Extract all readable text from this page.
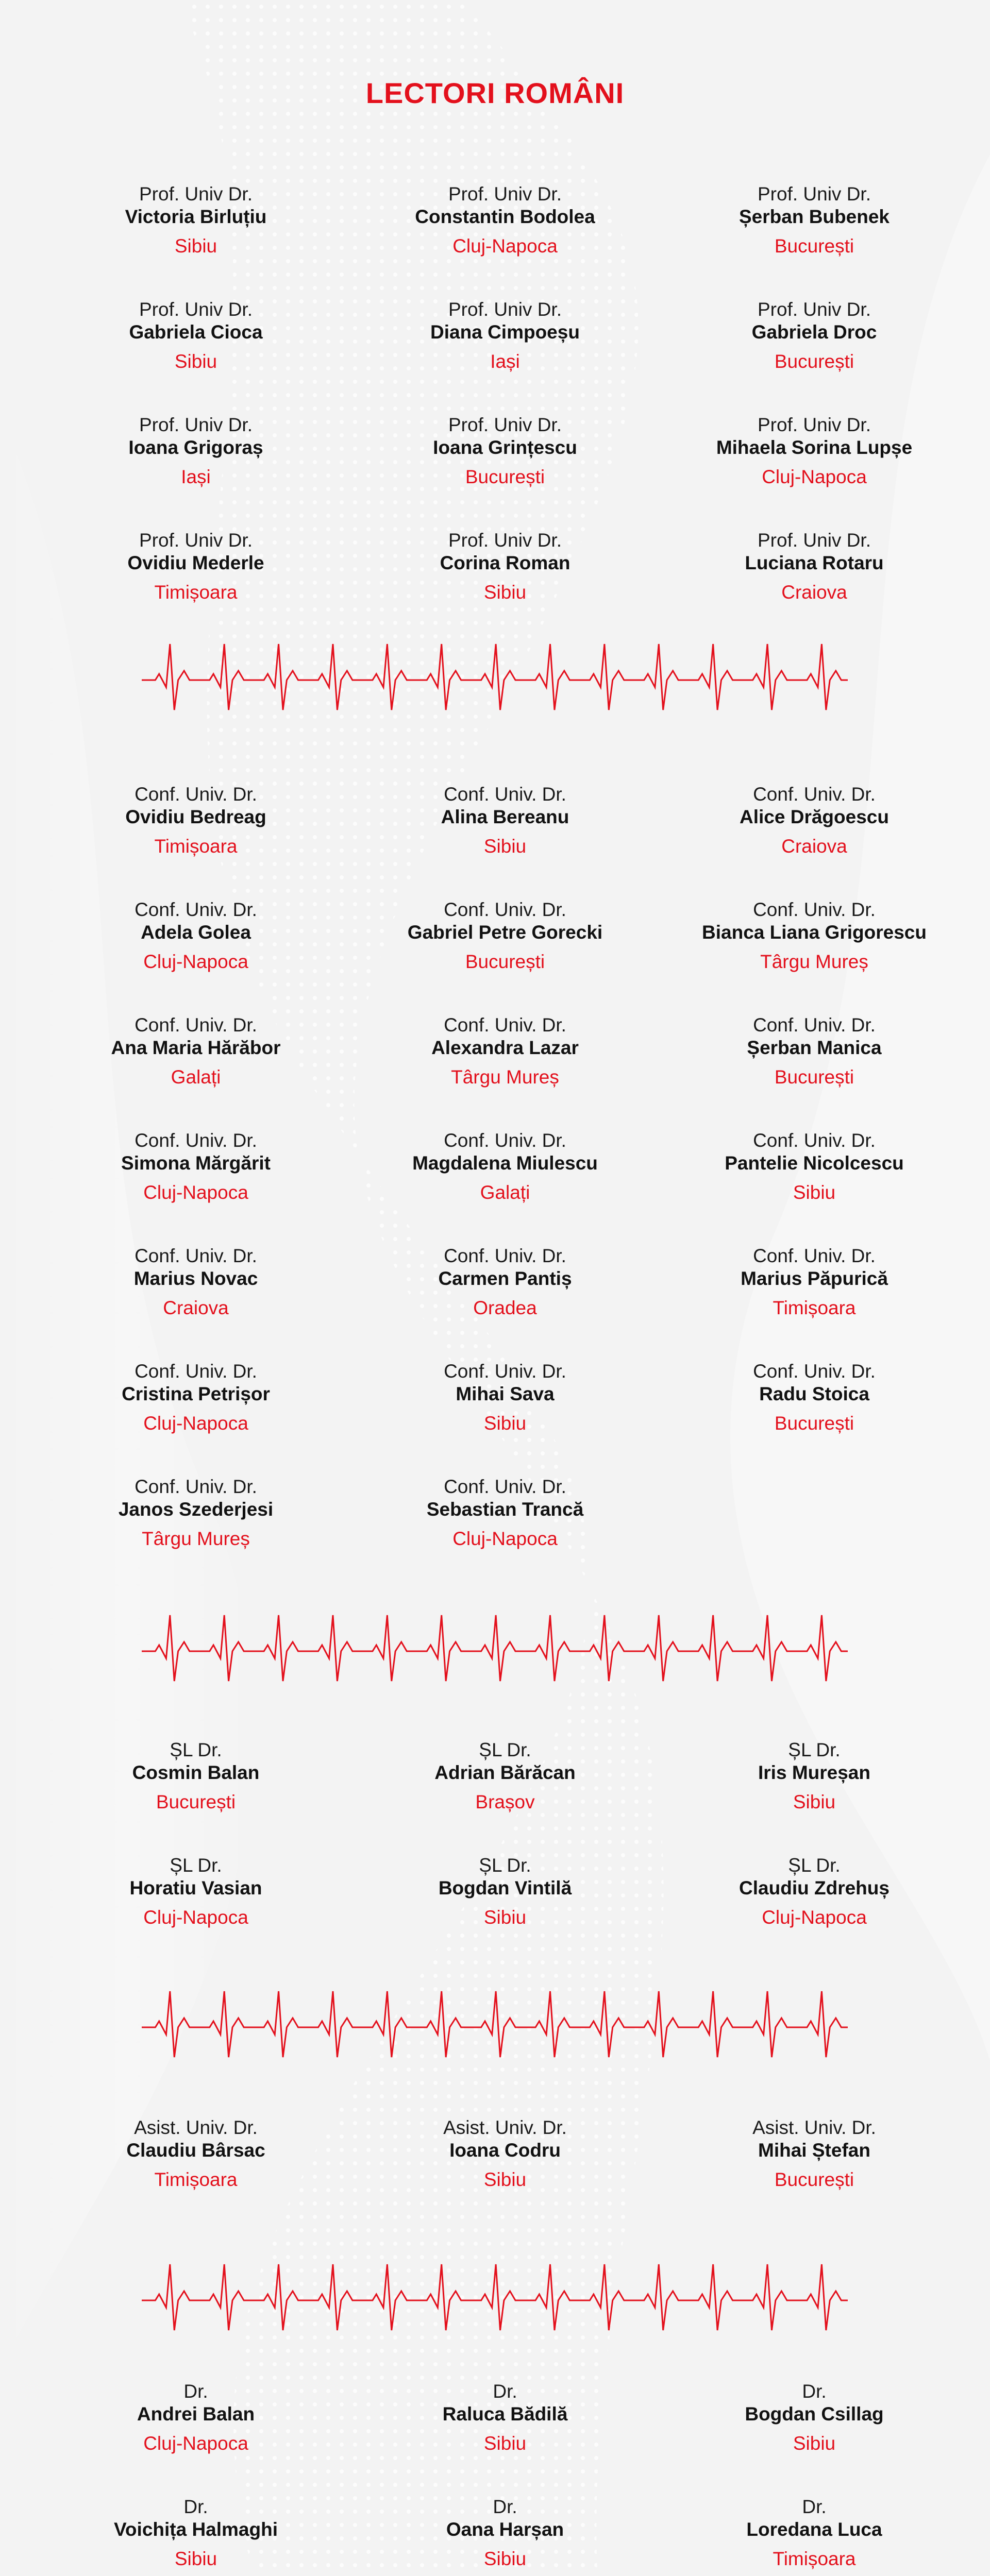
LECTORI ROMÂNI
Prof. Univ Dr.
Victoria Birluțiu
Sibiu
Prof. Univ Dr.
Constantin Bodolea
Cluj-Napoca
Prof. Univ Dr.
Șerban Bubenek
București
Prof. Univ Dr.
Gabriela Cioca
Sibiu
Prof. Univ Dr.
Diana Cimpoeșu
Iași
Prof. Univ Dr.
Gabriela Droc
București
Prof. Univ Dr.
Ioana Grigoraș
Iași
Prof. Univ Dr.
Ioana Grințescu
București
Prof. Univ Dr.
Mihaela Sorina Lupșe
Cluj-Napoca
Prof. Univ Dr.
Ovidiu Mederle
Timișoara
Prof. Univ Dr.
Corina Roman
Sibiu
Prof. Univ Dr.
Luciana Rotaru
Craiova
Conf. Univ. Dr.
Ovidiu Bedreag
Timișoara
Conf. Univ. Dr.
Alina Bereanu
Sibiu
Conf. Univ. Dr.
Alice Drăgoescu
Craiova
Conf. Univ. Dr.
Adela Golea
Cluj-Napoca
Conf. Univ. Dr.
Gabriel Petre Gorecki
București
Conf. Univ. Dr.
Bianca Liana Grigorescu
Târgu Mureș
Conf. Univ. Dr.
Ana Maria Hărăbor
Galați
Conf. Univ. Dr.
Alexandra Lazar
Târgu Mureș
Conf. Univ. Dr.
Șerban Manica
București
Conf. Univ. Dr.
Simona Mărgărit
Cluj-Napoca
Conf. Univ. Dr.
Magdalena Miulescu
Galați
Conf. Univ. Dr.
Pantelie Nicolcescu
Sibiu
Conf. Univ. Dr.
Marius Novac
Craiova
Conf. Univ. Dr.
Carmen Pantiș
Oradea
Conf. Univ. Dr.
Marius Păpurică
Timișoara
Conf. Univ. Dr.
Cristina Petrișor
Cluj-Napoca
Conf. Univ. Dr.
Mihai Sava
Sibiu
Conf. Univ. Dr.
Radu Stoica
București
Conf. Univ. Dr.
Janos Szederjesi
Târgu Mureș
Conf. Univ. Dr.
Sebastian Trancă
Cluj-Napoca
ȘL Dr.
Cosmin Balan
București
ȘL Dr.
Adrian Bărăcan
Brașov
ȘL Dr.
Iris Mureșan
Sibiu
ȘL Dr.
Horatiu Vasian
Cluj-Napoca
ȘL Dr.
Bogdan Vintilă
Sibiu
ȘL Dr.
Claudiu Zdrehuș
Cluj-Napoca
Asist. Univ. Dr.
Claudiu Bârsac
Timișoara
Asist. Univ. Dr.
Ioana Codru
Sibiu
Asist. Univ. Dr.
Mihai Ștefan
București
Dr.
Andrei Balan
Cluj-Napoca
Dr.
Raluca Bădilă
Sibiu
Dr.
Bogdan Csillag
Sibiu
Dr.
Voichița Halmaghi
Sibiu
Dr.
Oana Harșan
Sibiu
Dr.
Loredana Luca
Timișoara
